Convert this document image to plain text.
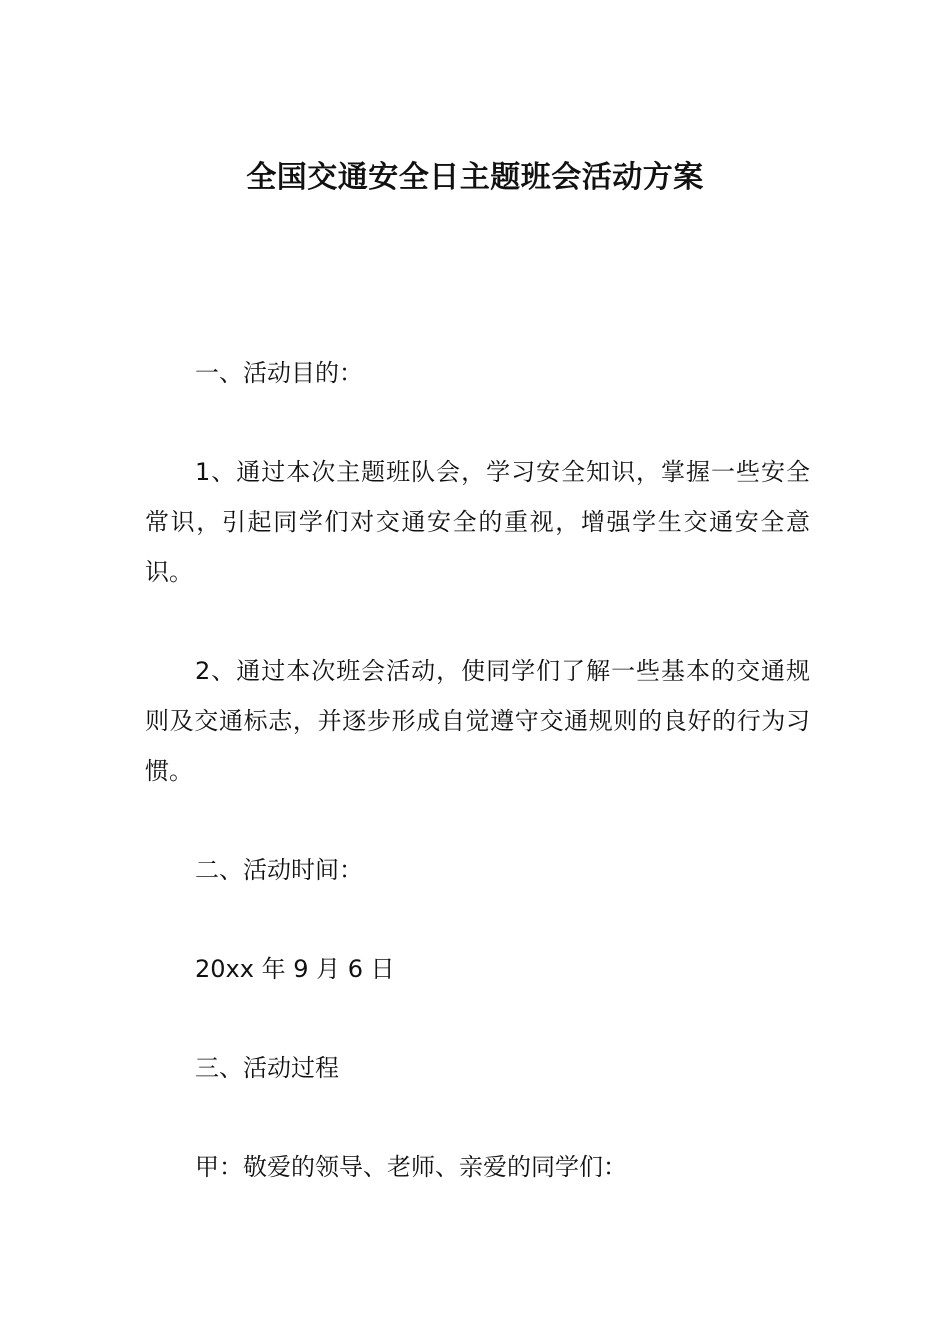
全国交通安全日主题班会活动方案

一、活动目的：

1、通过本次主题班队会，学习安全知识，掌握一些安全常识，引起同学们对交通安全的重视，增强学生交通安全意识。

2、通过本次班会活动，使同学们了解一些基本的交通规则及交通标志，并逐步形成自觉遵守交通规则的良好的行为习惯。

二、活动时间：

20xx 年 9 月 6 日

三、活动过程

甲：敬爱的领导、老师、亲爱的同学们：
